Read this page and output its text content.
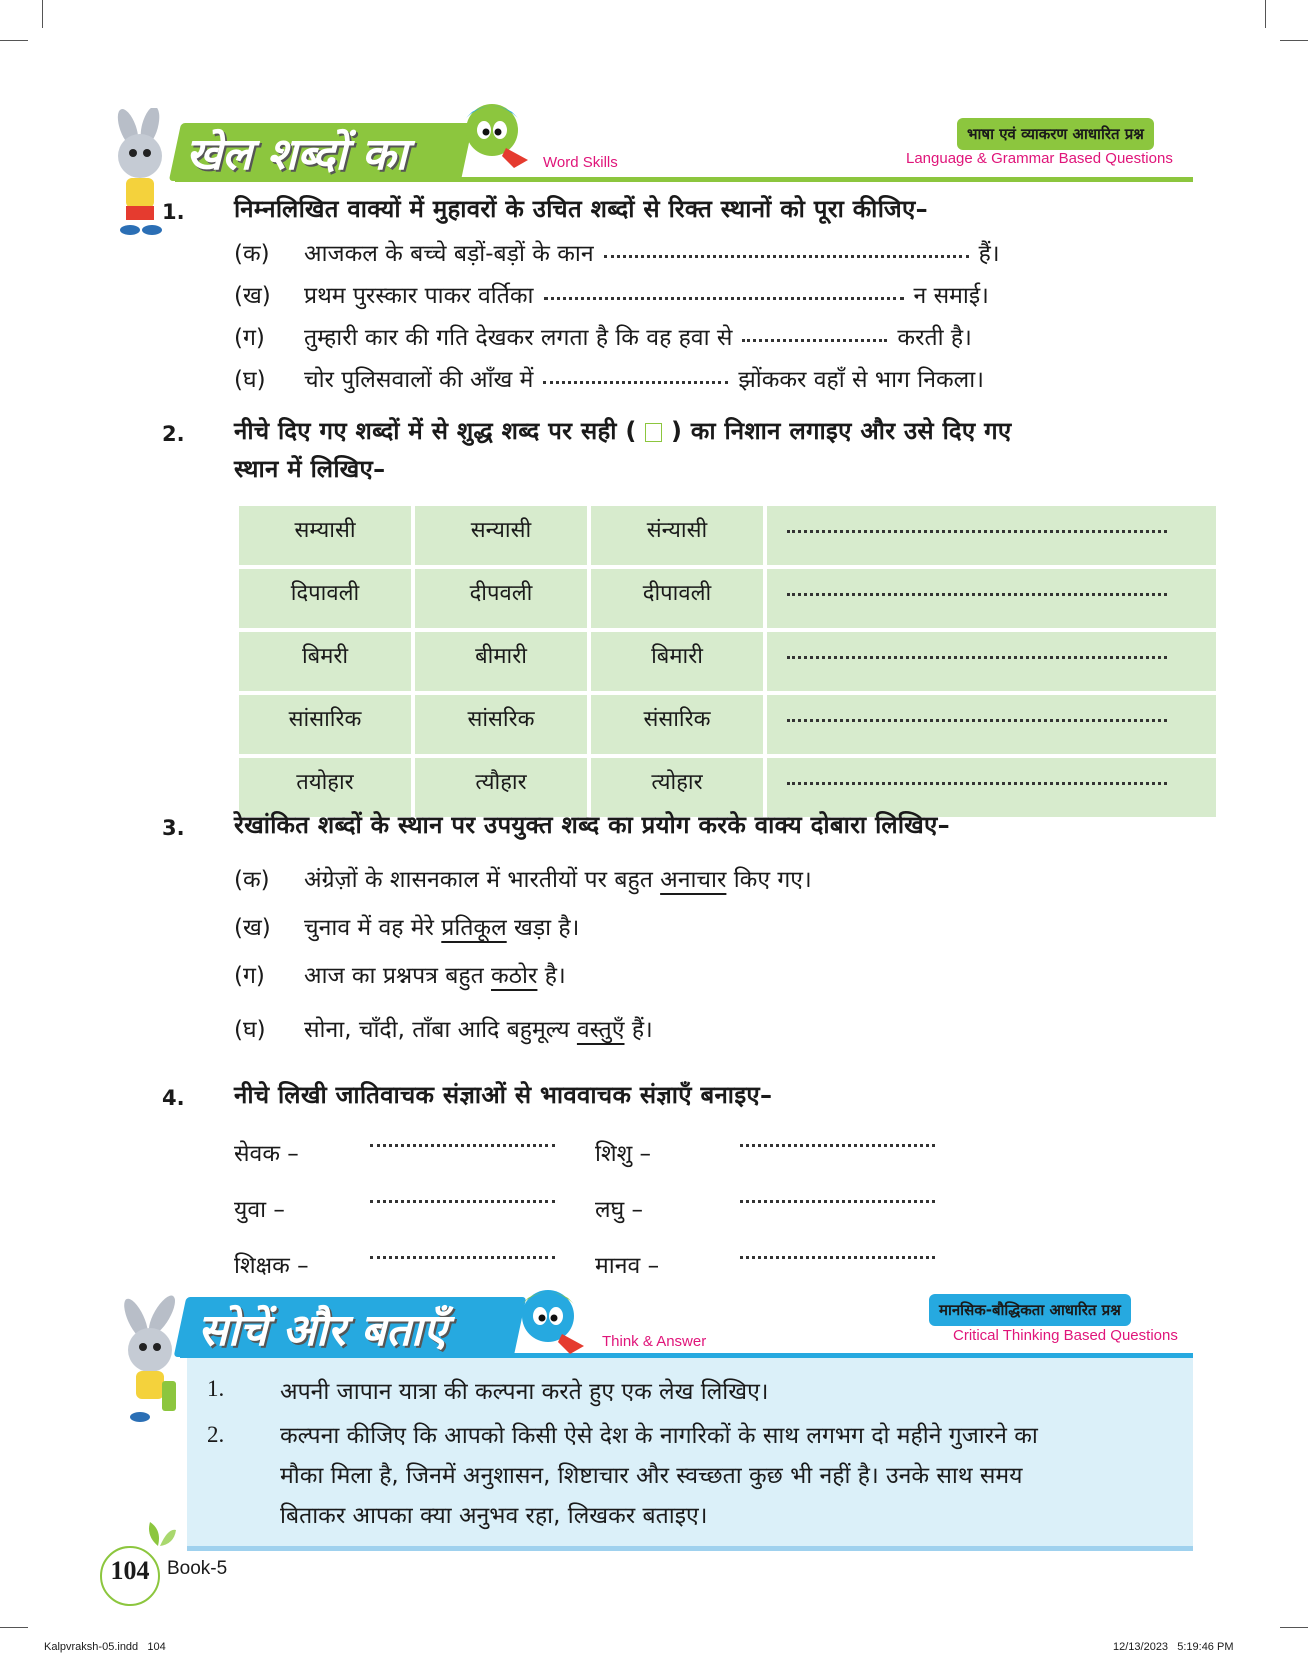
खेल शब्दों का	Word Skills
भाषा एवं व्याकरण आधारित प्रश्न
Language & Grammar Based Questions
1. निम्नलिखित वाक्यों में मुहावरों के उचित शब्दों से रिक्त स्थानों को पूरा कीजिए–
(क) आजकल के बच्चे बड़ों-बड़ों के कान	हैं।
(ख) प्रथम पुरस्कार पाकर वर्तिका	न समाई।
(ग) तुम्हारी कार की गति देखकर लगता है कि वह हवा से	करती है।
(घ) चोर पुलिसवालों की आँख में	झोंककर वहाँ से भाग निकला।
2. नीचे दिए गए शब्दों में से शुद्ध शब्द पर सही ( ) का निशान लगाइए और उसे दिए गए
स्थान में लिखिए–
सम्यासी	सन्यासी	संन्यासी	
दिपावली	दीपवली	दीपावली	
बिमरी	बीमारी	बिमारी	
सांसारिक	सांसरिक	संसारिक	
तयोहार	त्यौहार	त्योहार	
3. रेखांकित शब्दों के स्थान पर उपयुक्त शब्द का प्रयोग करके वाक्य दोबारा लिखिए–
(क) अंग्रेज़ों के शासनकाल में भारतीयों पर बहुत अनाचार किए गए।
(ख) चुनाव में वह मेरे प्रतिकूल खड़ा है।
(ग) आज का प्रश्नपत्र बहुत कठोर है।
(घ) सोना, चाँदी, ताँबा आदि बहुमूल्य वस्तुएँ हैं।
4. नीचे लिखी जातिवाचक संज्ञाओं से भाववाचक संज्ञाएँ बनाइए–
सेवक –	शिशु –
युवा –	लघु –
शिक्षक –	मानव –
सोचें और बताएँ	Think & Answer
मानसिक-बौद्धिकता आधारित प्रश्न
Critical Thinking Based Questions
1. अपनी जापान यात्रा की कल्पना करते हुए एक लेख लिखिए।
2. कल्पना कीजिए कि आपको किसी ऐसे देश के नागरिकों के साथ लगभग दो महीने गुजारने का
मौका मिला है, जिनमें अनुशासन, शिष्टाचार और स्वच्छता कुछ भी नहीं है। उनके साथ समय
बिताकर आपका क्या अनुभव रहा, लिखकर बताइए।
104 Book-5
Kalpvraksh-05.indd   104	12/13/2023   5:19:46 PM
